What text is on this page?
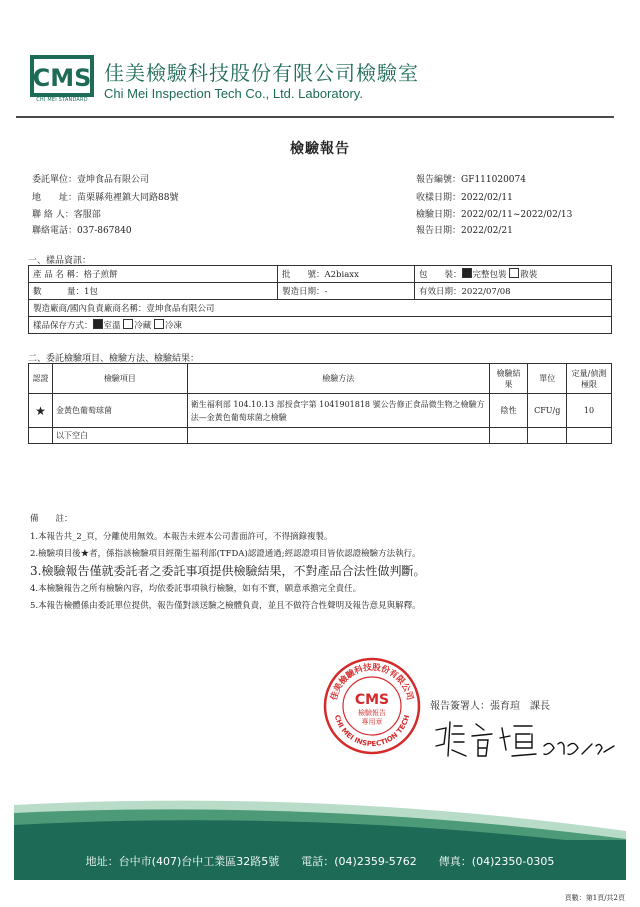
CMS
CHI MEI STANDARD
佳美檢驗科技股份有限公司檢驗室
Chi Mei Inspection Tech Co., Ltd. Laboratory.
檢驗報告
委託單位：壹坤食品有限公司
地　　址：苗栗縣苑裡鎮大同路88號
聯 絡 人：客服部
聯絡電話：037-867840
報告編號：GF111020074
收樣日期：2022/02/11
檢驗日期：2022/02/11~2022/02/13
報告日期：2022/02/21
一、樣品資訊：
產 品 名 稱：格子煎餅	批　　號：A2biaxx	包　　裝： 完整包裝 散裝
數　　　量：1包	製造日期：-	有效日期：2022/07/08
製造廠商/國內負責廠商名稱：壹坤食品有限公司		
樣品保存方式： 室溫 冷藏 冷凍		
二、委託檢驗項目、檢驗方法、檢驗結果：
認證	檢驗項目	檢驗方法	檢驗結果	單位	定量/偵測極限
★	金黃色葡萄球菌	衛生福利部 104.10.13 部授食字第 1041901818 號公告修正食品微生物之檢驗方法—金黃色葡萄球菌之檢驗	陰性	CFU/g	10
	以下空白				
備　　註：
1.本報告共_2_頁，分離使用無效。本報告未經本公司書面許可，不得摘錄複製。
2.檢驗項目後★者，係指該檢驗項目經衛生福利部(TFDA)認證通過;經認證項目皆依認證檢驗方法執行。
3.檢驗報告僅就委託者之委託事項提供檢驗結果，不對產品合法性做判斷。
4.本檢驗報告之所有檢驗內容，均依委託事項執行檢驗，如有不實，願意承擔完全責任。
5.本報告檢體係由委託單位提供，報告僅對該送驗之檢體負責，並且不做符合性聲明及報告意見與解釋。
佳美檢驗科技股份有限公司
CHI MEI INSPECTION TECH
CMS
檢驗報告
專用章
報告簽署人：張育瑄　 課長
地址：台中市(407)台中工業區32路5號　　電話：(04)2359-5762　　傳真：(04)2350-0305
頁數：第1頁/共2頁
